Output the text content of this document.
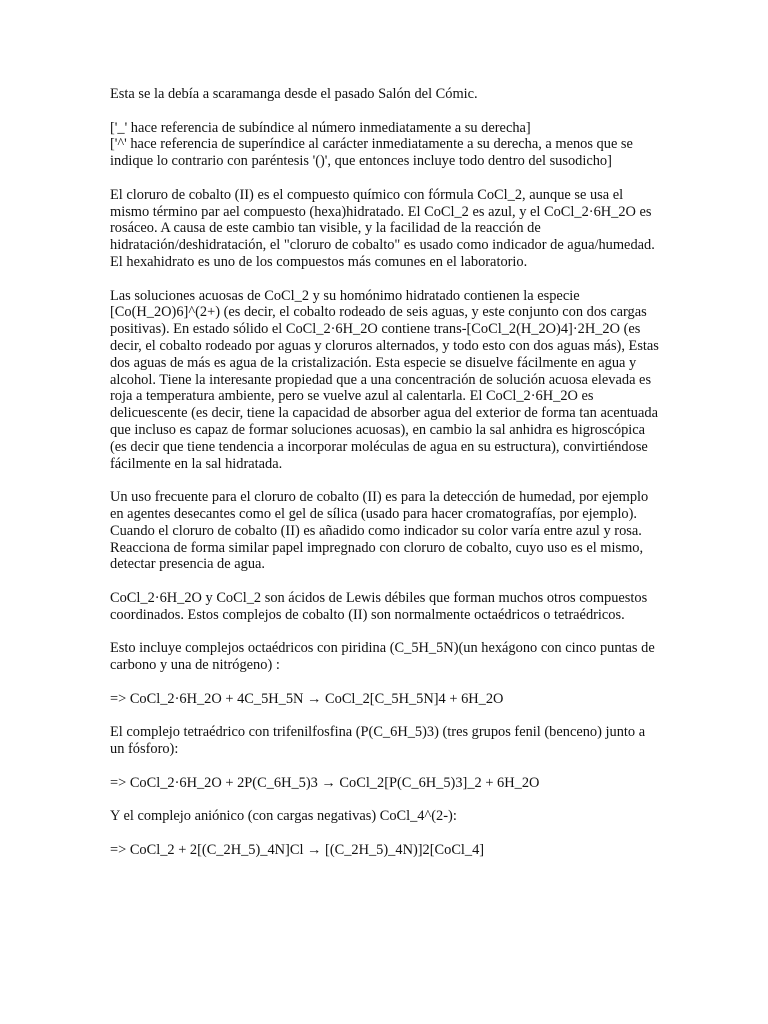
Esta se la debía a scaramanga desde el pasado Salón del Cómic.

['_' hace referencia de subíndice al número inmediatamente a su derecha]

['^' hace referencia de superíndice al carácter inmediatamente a su derecha, a menos que se indique lo contrario con paréntesis '()', que entonces incluye todo dentro del susodicho]

El cloruro de cobalto (II) es el compuesto químico con fórmula CoCl_2, aunque se usa el mismo término par ael compuesto (hexa)hidratado. El CoCl_2 es azul, y el CoCl_2·6H_2O es rosáceo. A causa de este cambio tan visible, y la facilidad de la reacción de hidratación/deshidratación, el "cloruro de cobalto" es usado como indicador de agua/humedad. El hexahidrato es uno de los compuestos más comunes en el laboratorio.

Las soluciones acuosas de CoCl_2 y su homónimo hidratado contienen la especie [Co(H_2O)6]^(2+) (es decir, el cobalto rodeado de seis aguas, y este conjunto con dos cargas positivas). En estado sólido el CoCl_2·6H_2O contiene trans-[CoCl_2(H_2O)4]·2H_2O (es decir, el cobalto rodeado por aguas y cloruros alternados, y todo esto con dos aguas más), Estas dos aguas de más es agua de la cristalización. Esta especie se disuelve fácilmente en agua y alcohol. Tiene la interesante propiedad que a una concentración de solución acuosa elevada es roja a temperatura ambiente, pero se vuelve azul al calentarla. El CoCl_2·6H_2O es delicuescente (es decir, tiene la capacidad de absorber agua del exterior de forma tan acentuada que incluso es capaz de formar soluciones acuosas), en cambio la sal anhidra es higroscópica (es decir que tiene tendencia a incorporar moléculas de agua en su estructura), convirtiéndose fácilmente en la sal hidratada.

Un uso frecuente para el cloruro de cobalto (II) es para la detección de humedad, por ejemplo en agentes desecantes como el gel de sílica (usado para hacer cromatografías, por ejemplo). Cuando el cloruro de cobalto (II) es añadido como indicador su color varía entre azul y rosa. Reacciona de forma similar papel impregnado con cloruro de cobalto, cuyo uso es el mismo, detectar presencia de agua.

CoCl_2·6H_2O y CoCl_2 son ácidos de Lewis débiles que forman muchos otros compuestos coordinados. Estos complejos de cobalto (II) son normalmente octaédricos o tetraédricos.

Esto incluye complejos octaédricos con piridina (C_5H_5N)(un hexágono con cinco puntas de carbono y una de nitrógeno) :

=> CoCl_2·6H_2O + 4C_5H_5N → CoCl_2[C_5H_5N]4 + 6H_2O

El complejo tetraédrico con trifenilfosfina (P(C_6H_5)3) (tres grupos fenil (benceno) junto a un fósforo):

=> CoCl_2·6H_2O + 2P(C_6H_5)3 → CoCl_2[P(C_6H_5)3]_2 + 6H_2O

Y el complejo aniónico (con cargas negativas) CoCl_4^(2-):

=> CoCl_2 + 2[(C_2H_5)_4N]Cl → [(C_2H_5)_4N)]2[CoCl_4]
